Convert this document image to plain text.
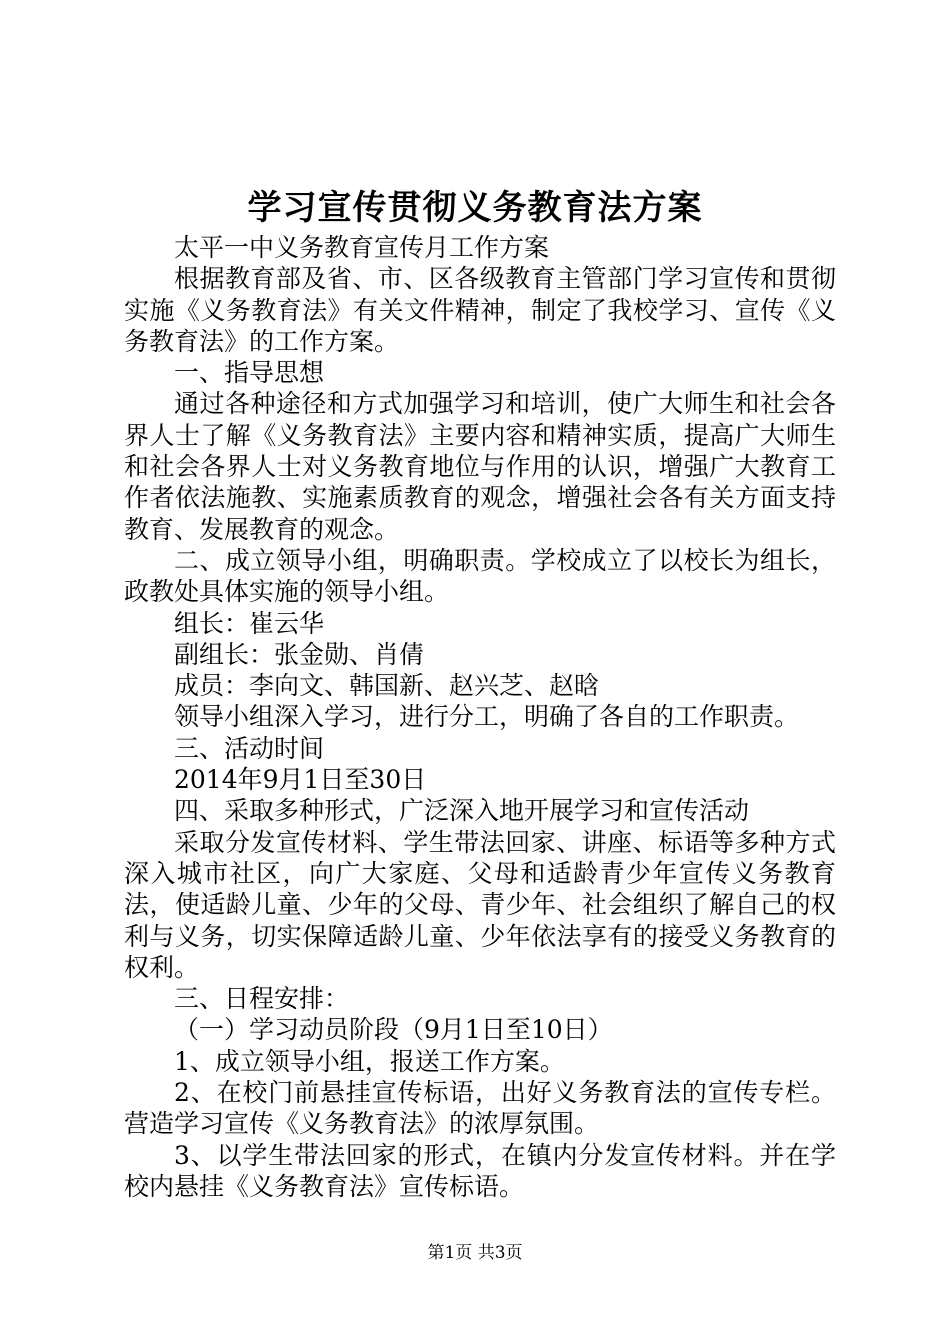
学习宣传贯彻义务教育法方案

太平一中义务教育宣传月工作方案

根据教育部及省、市、区各级教育主管部门学习宣传和贯彻实施《义务教育法》有关文件精神，制定了我校学习、宣传《义务教育法》的工作方案。

一、指导思想

通过各种途径和方式加强学习和培训，使广大师生和社会各界人士了解《义务教育法》主要内容和精神实质，提高广大师生和社会各界人士对义务教育地位与作用的认识，增强广大教育工作者依法施教、实施素质教育的观念，增强社会各有关方面支持教育、发展教育的观念。

二、成立领导小组，明确职责。学校成立了以校长为组长，政教处具体实施的领导小组。

组长：崔云华

副组长：张金勋、肖倩

成员：李向文、韩国新、赵兴芝、赵晗

领导小组深入学习，进行分工，明确了各自的工作职责。

三、活动时间

2014年9月1日至30日

四、采取多种形式，广泛深入地开展学习和宣传活动

采取分发宣传材料、学生带法回家、讲座、标语等多种方式深入城市社区，向广大家庭、父母和适龄青少年宣传义务教育法，使适龄儿童、少年的父母、青少年、社会组织了解自己的权利与义务，切实保障适龄儿童、少年依法享有的接受义务教育的权利。

三、日程安排：

（一）学习动员阶段（9月1日至10日）

1、成立领导小组，报送工作方案。

2、在校门前悬挂宣传标语，出好义务教育法的宣传专栏。营造学习宣传《义务教育法》的浓厚氛围。

3、以学生带法回家的形式，在镇内分发宣传材料。并在学校内悬挂《义务教育法》宣传标语。

第1页 共3页
